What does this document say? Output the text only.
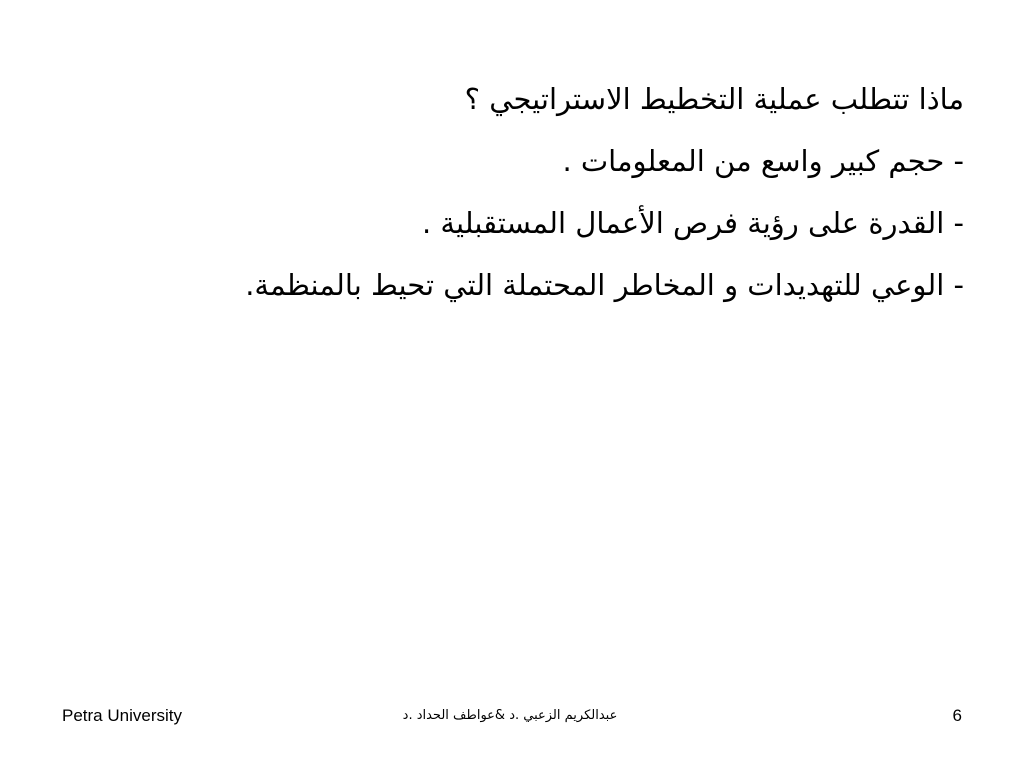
ماذا تتطلب عملية التخطيط الاستراتيجي ؟
- حجم كبير واسع من المعلومات .
- القدرة على رؤية فرص الأعمال المستقبلية .
- الوعي للتهديدات و المخاطر المحتملة التي تحيط بالمنظمة.
Petra University	عبدالكريم الزعبي .د &عواطف الحداد .د	6
